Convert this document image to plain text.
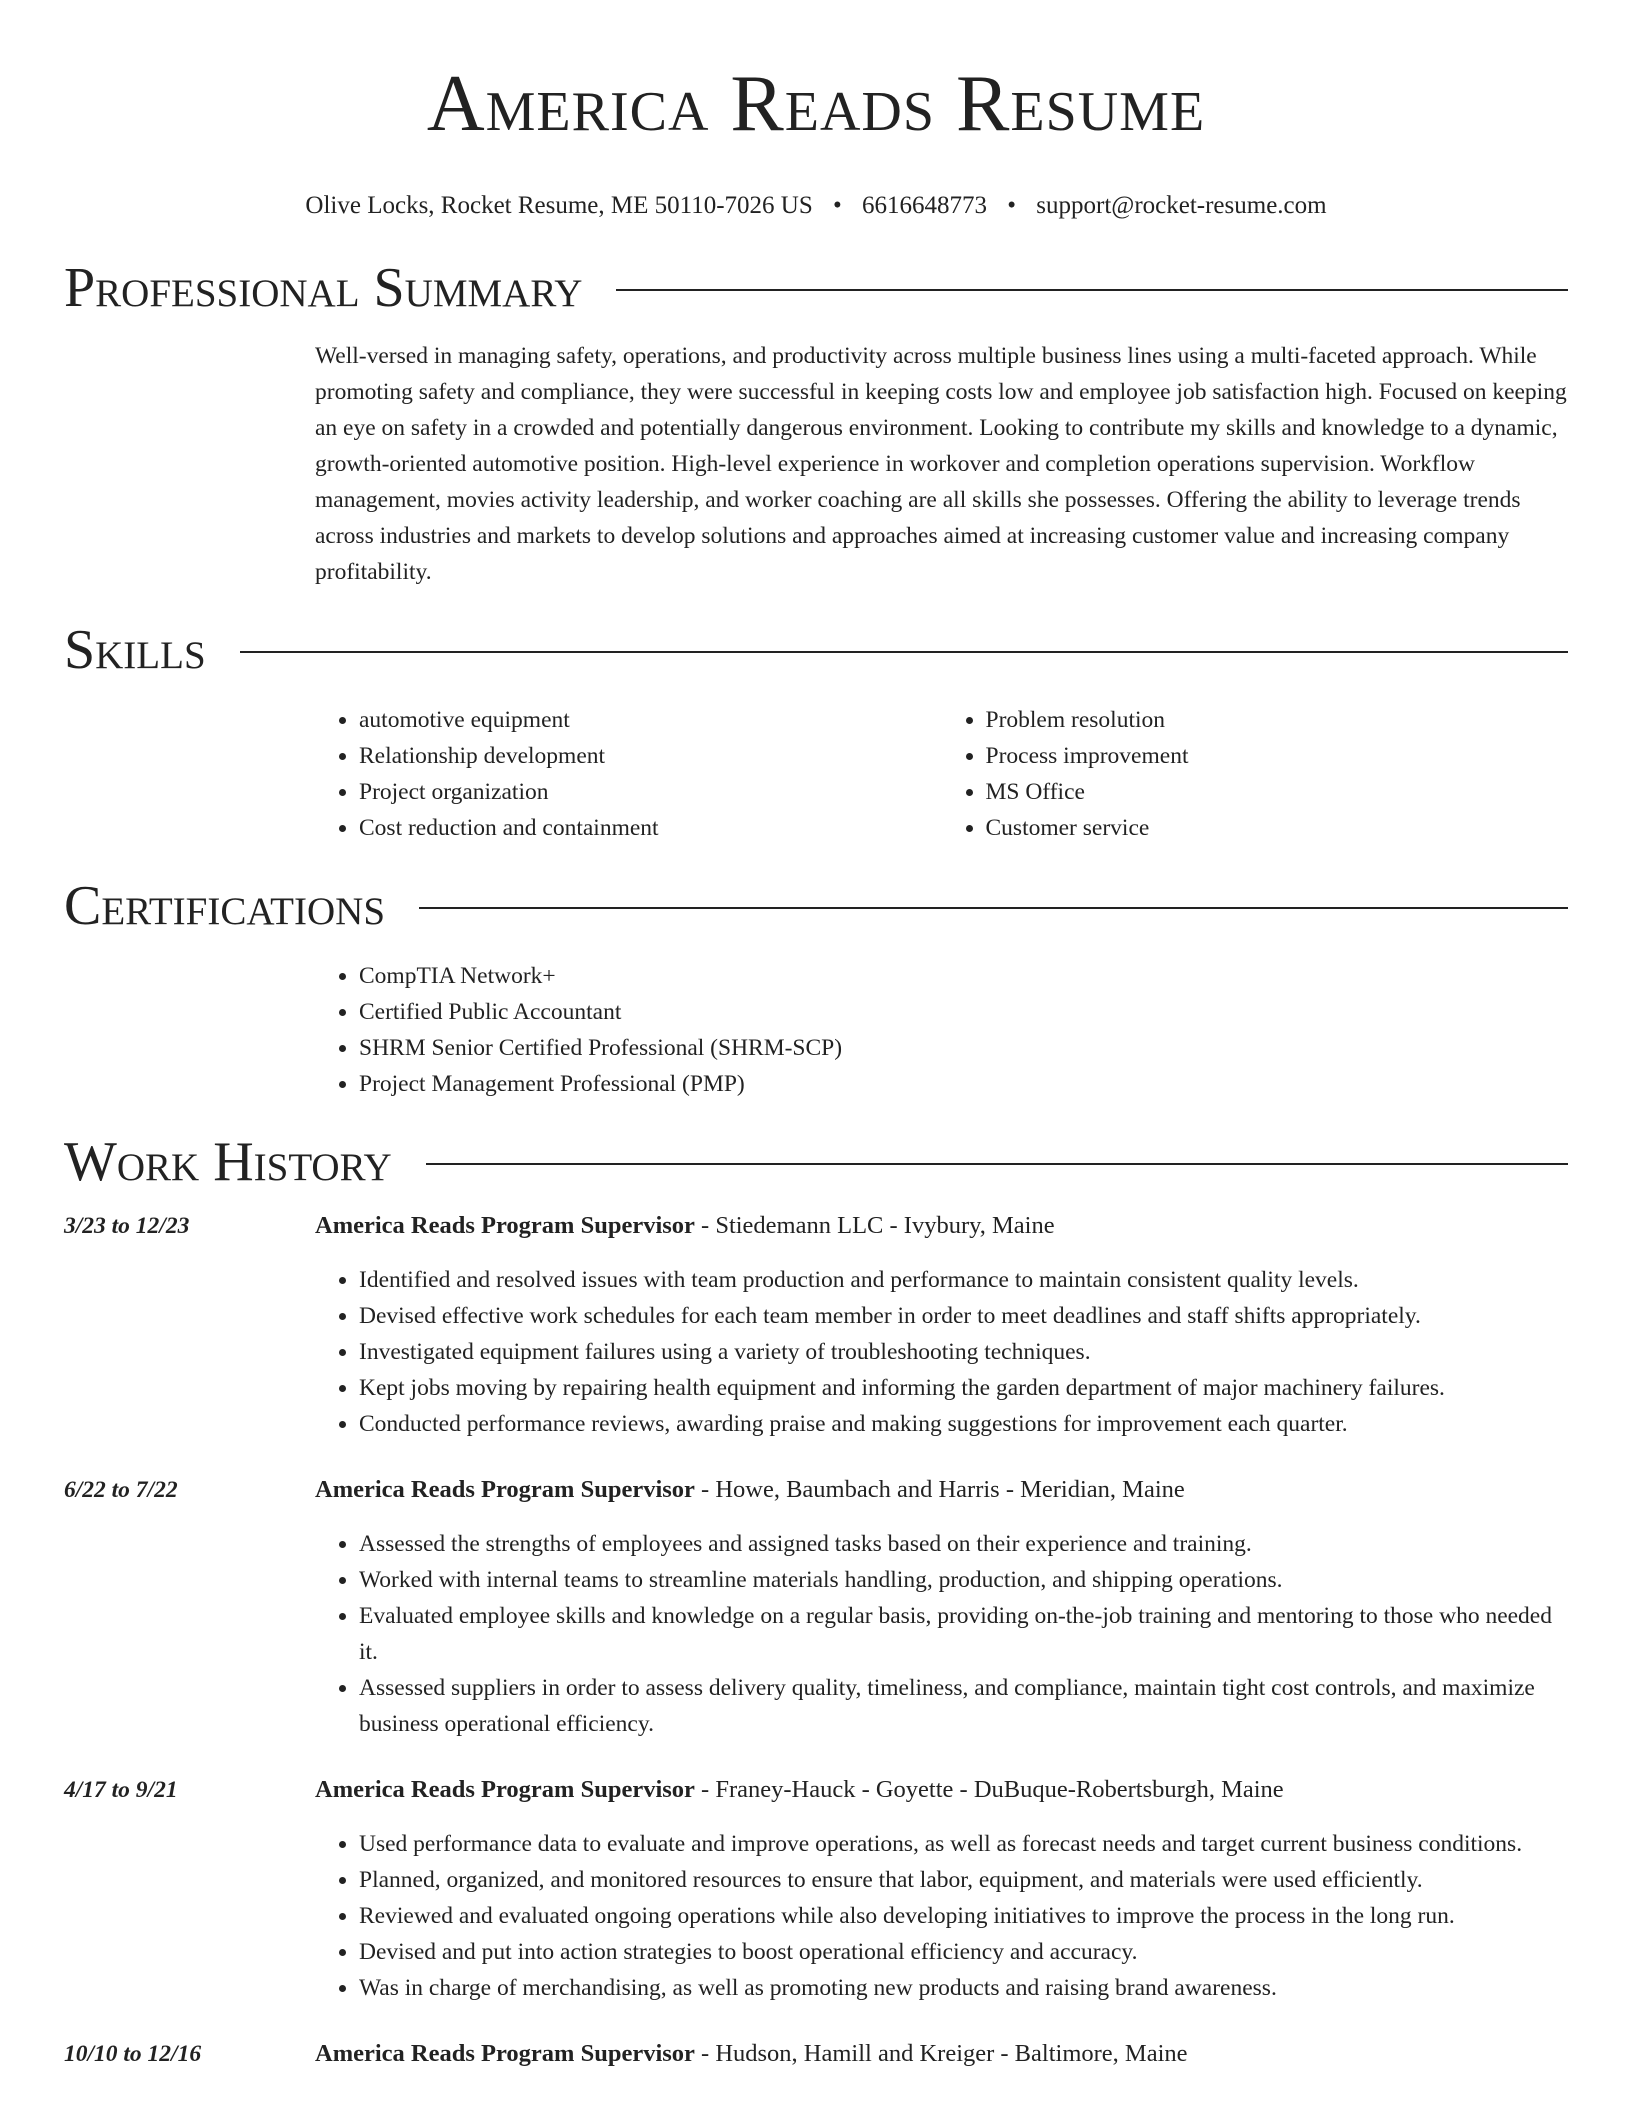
America Reads Resume
Olive Locks, Rocket Resume, ME 50110-7026 US • 6616648773 • support@rocket-resume.com
Professional Summary
Well-versed in managing safety, operations, and productivity across multiple business lines using a multi-faceted approach. While promoting safety and compliance, they were successful in keeping costs low and employee job satisfaction high. Focused on keeping an eye on safety in a crowded and potentially dangerous environment. Looking to contribute my skills and knowledge to a dynamic, growth-oriented automotive position. High-level experience in workover and completion operations supervision. Workflow management, movies activity leadership, and worker coaching are all skills she possesses. Offering the ability to leverage trends across industries and markets to develop solutions and approaches aimed at increasing customer value and increasing company profitability.
Skills
• automotive equipment
• Relationship development
• Project organization
• Cost reduction and containment
• Problem resolution
• Process improvement
• MS Office
• Customer service
Certifications
• CompTIA Network+
• Certified Public Accountant
• SHRM Senior Certified Professional (SHRM-SCP)
• Project Management Professional (PMP)
Work History
3/23 to 12/23	America Reads Program Supervisor - Stiedemann LLC - Ivybury, Maine
• Identified and resolved issues with team production and performance to maintain consistent quality levels.
• Devised effective work schedules for each team member in order to meet deadlines and staff shifts appropriately.
• Investigated equipment failures using a variety of troubleshooting techniques.
• Kept jobs moving by repairing health equipment and informing the garden department of major machinery failures.
• Conducted performance reviews, awarding praise and making suggestions for improvement each quarter.
6/22 to 7/22	America Reads Program Supervisor - Howe, Baumbach and Harris - Meridian, Maine
• Assessed the strengths of employees and assigned tasks based on their experience and training.
• Worked with internal teams to streamline materials handling, production, and shipping operations.
• Evaluated employee skills and knowledge on a regular basis, providing on-the-job training and mentoring to those who needed it.
• Assessed suppliers in order to assess delivery quality, timeliness, and compliance, maintain tight cost controls, and maximize business operational efficiency.
4/17 to 9/21	America Reads Program Supervisor - Franey-Hauck - Goyette - DuBuque-Robertsburgh, Maine
• Used performance data to evaluate and improve operations, as well as forecast needs and target current business conditions.
• Planned, organized, and monitored resources to ensure that labor, equipment, and materials were used efficiently.
• Reviewed and evaluated ongoing operations while also developing initiatives to improve the process in the long run.
• Devised and put into action strategies to boost operational efficiency and accuracy.
• Was in charge of merchandising, as well as promoting new products and raising brand awareness.
10/10 to 12/16	America Reads Program Supervisor - Hudson, Hamill and Kreiger - Baltimore, Maine
